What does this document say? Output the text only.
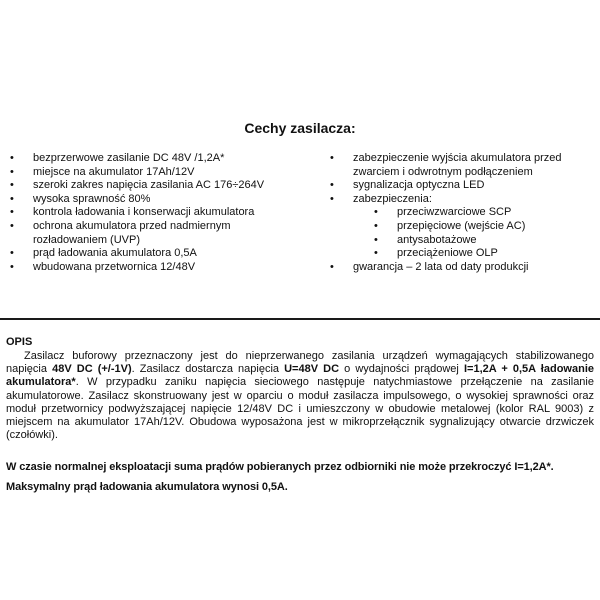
Cechy zasilacza:
• bezprzerwowe zasilanie DC 48V /1,2A*
• miejsce na akumulator 17Ah/12V
• szeroki zakres napięcia zasilania AC 176÷264V
• wysoka sprawność 80%
• kontrola ładowania i konserwacji akumulatora
• ochrona akumulatora przed nadmiernym rozładowaniem (UVP)
• prąd ładowania akumulatora 0,5A
• wbudowana przetwornica 12/48V
• zabezpieczenie wyjścia akumulatora przed zwarciem i odwrotnym podłączeniem
• sygnalizacja optyczna LED
• zabezpieczenia:
• przeciwzwarciowe SCP
• przepięciowe (wejście AC)
• antysabotażowe
• przeciążeniowe OLP
• gwarancja – 2 lata od daty produkcji
OPIS

Zasilacz buforowy przeznaczony jest do nieprzerwanego zasilania urządzeń wymagających stabilizowanego napięcia 48V DC (+/-1V). Zasilacz dostarcza napięcia U=48V DC o wydajności prądowej I=1,2A + 0,5A ładowanie akumulatora*. W przypadku zaniku napięcia sieciowego następuje natychmiastowe przełączenie na zasilanie akumulatorowe. Zasilacz skonstruowany jest w oparciu o moduł zasilacza impulsowego, o wysokiej sprawności oraz moduł przetwornicy podwyższającej napięcie 12/48V DC i umieszczony w obudowie metalowej (kolor RAL 9003) z miejscem na akumulator 17Ah/12V. Obudowa wyposażona jest w mikroprzełącznik sygnalizujący otwarcie drzwiczek (czołówki).

W czasie normalnej eksploatacji suma prądów pobieranych przez odbiorniki nie może przekroczyć I=1,2A*.
Maksymalny prąd ładowania akumulatora wynosi 0,5A.
